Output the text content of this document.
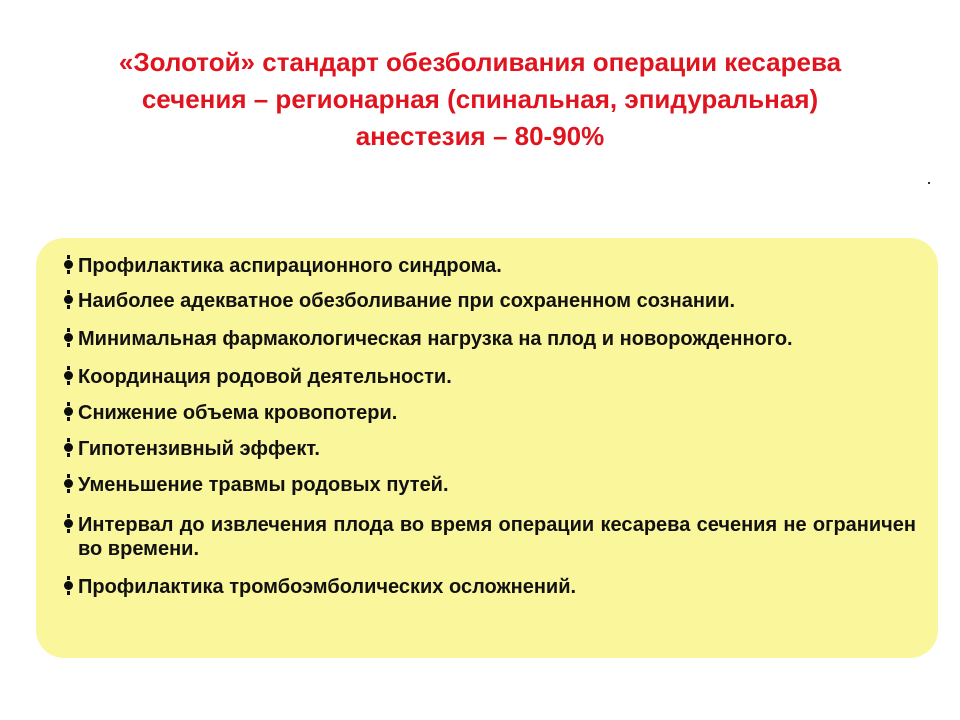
«Золотой» стандарт обезболивания операции кесарева
сечения – регионарная (спинальная, эпидуральная)
анестезия – 80-90%
Профилактика аспирационного синдрома.
Наиболее адекватное обезболивание при сохраненном сознании.
Минимальная фармакологическая нагрузка на плод и новорожденного.
Координация родовой деятельности.
Снижение объема кровопотери.
Гипотензивный эффект.
Уменьшение травмы родовых путей.
Интервал до извлечения плода во время операции кесарева сечения не ограничен во времени.
Профилактика тромбоэмболических осложнений.
